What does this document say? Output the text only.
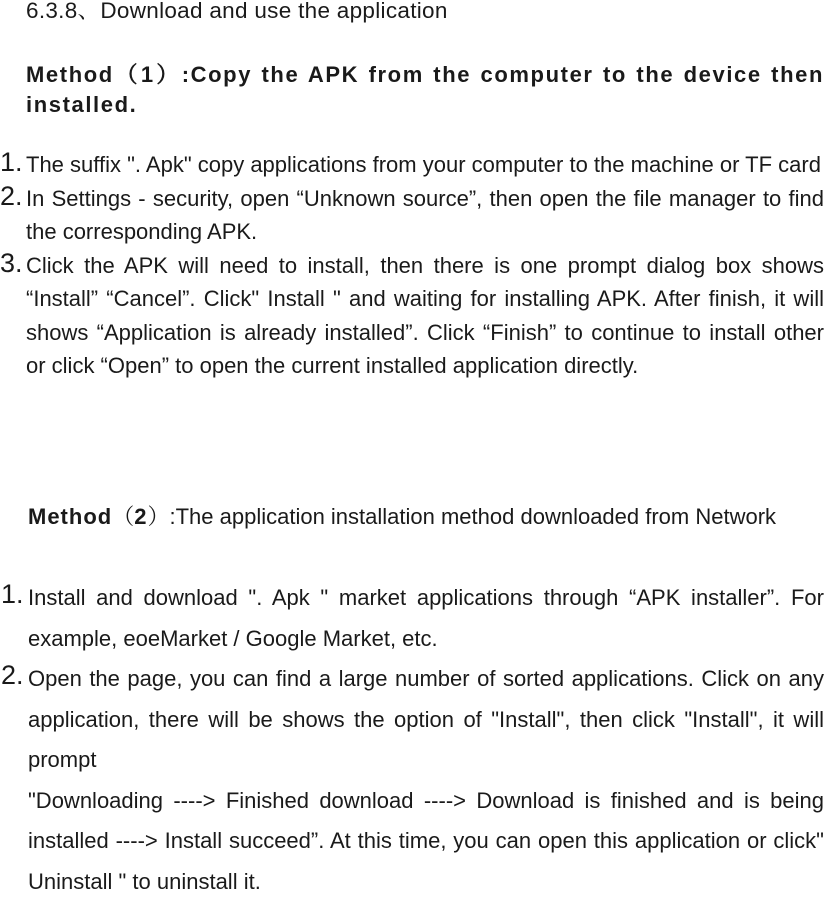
6.3.8、Download and use the application
Method（1）:Copy the APK from the computer to the device then installed.
1. The suffix ". Apk" copy applications from your computer to the machine or TF card
2. In Settings - security, open “Unknown source”, then open the file manager to find the corresponding APK.
3. Click the APK will need to install, then there is one prompt dialog box shows “Install” “Cancel”. Click" Install " and waiting for installing APK. After finish, it will shows “Application is already installed”. Click “Finish” to continue to install other or click “Open” to open the current installed application directly.
Method（2）:The application installation method downloaded from Network
1. Install and download ". Apk " market applications through “APK installer”. For example, eoeMarket / Google Market, etc.
2. Open the page, you can find a large number of sorted applications. Click on any application, there will be shows the option of "Install", then click "Install", it will prompt
"Downloading ----> Finished download ----> Download is finished and is being installed ----> Install succeed”. At this time, you can open this application or click" Uninstall " to uninstall it.
